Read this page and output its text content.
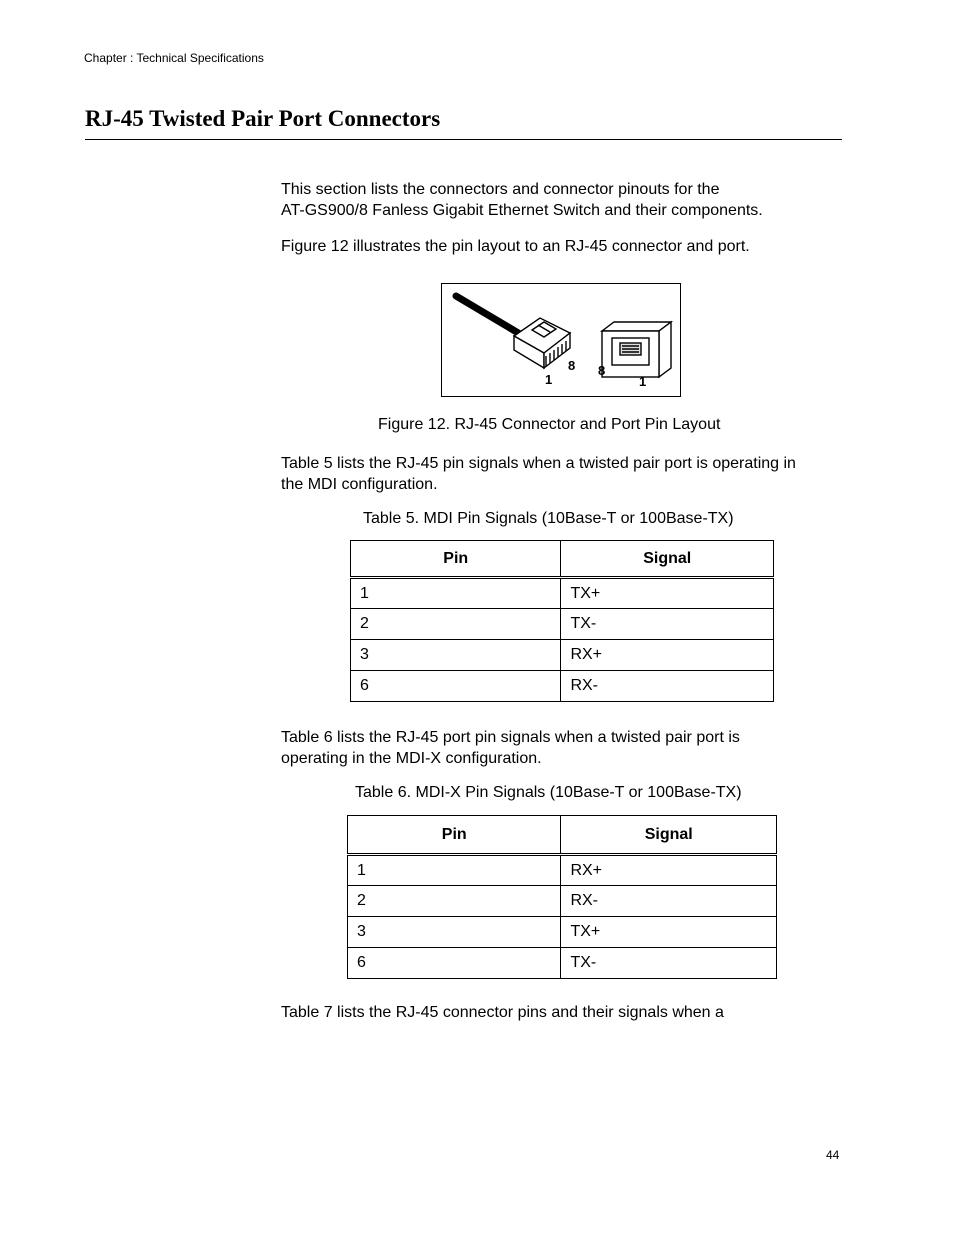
Chapter : Technical Specifications
RJ-45 Twisted Pair Port Connectors

This section lists the connectors and connector pinouts for the
AT-GS900/8 Fanless Gigabit Ethernet Switch and their components.

Figure 12 illustrates the pin layout to an RJ-45 connector and port.

1
8 8
1

Figure 12. RJ-45 Connector and Port Pin Layout

Table 5 lists the RJ-45 pin signals when a twisted pair port is operating in
the MDI configuration.

Table 5. MDI Pin Signals (10Base-T or 100Base-TX)

Pin	Signal
1	TX+
2	TX-
3	RX+
6	RX-

Table 6 lists the RJ-45 port pin signals when a twisted pair port is
operating in the MDI-X configuration.

Table 6. MDI-X Pin Signals (10Base-T or 100Base-TX)

Pin	Signal
1	RX+
2	RX-
3	TX+
6	TX-

Table 7 lists the RJ-45 connector pins and their signals when a

44
